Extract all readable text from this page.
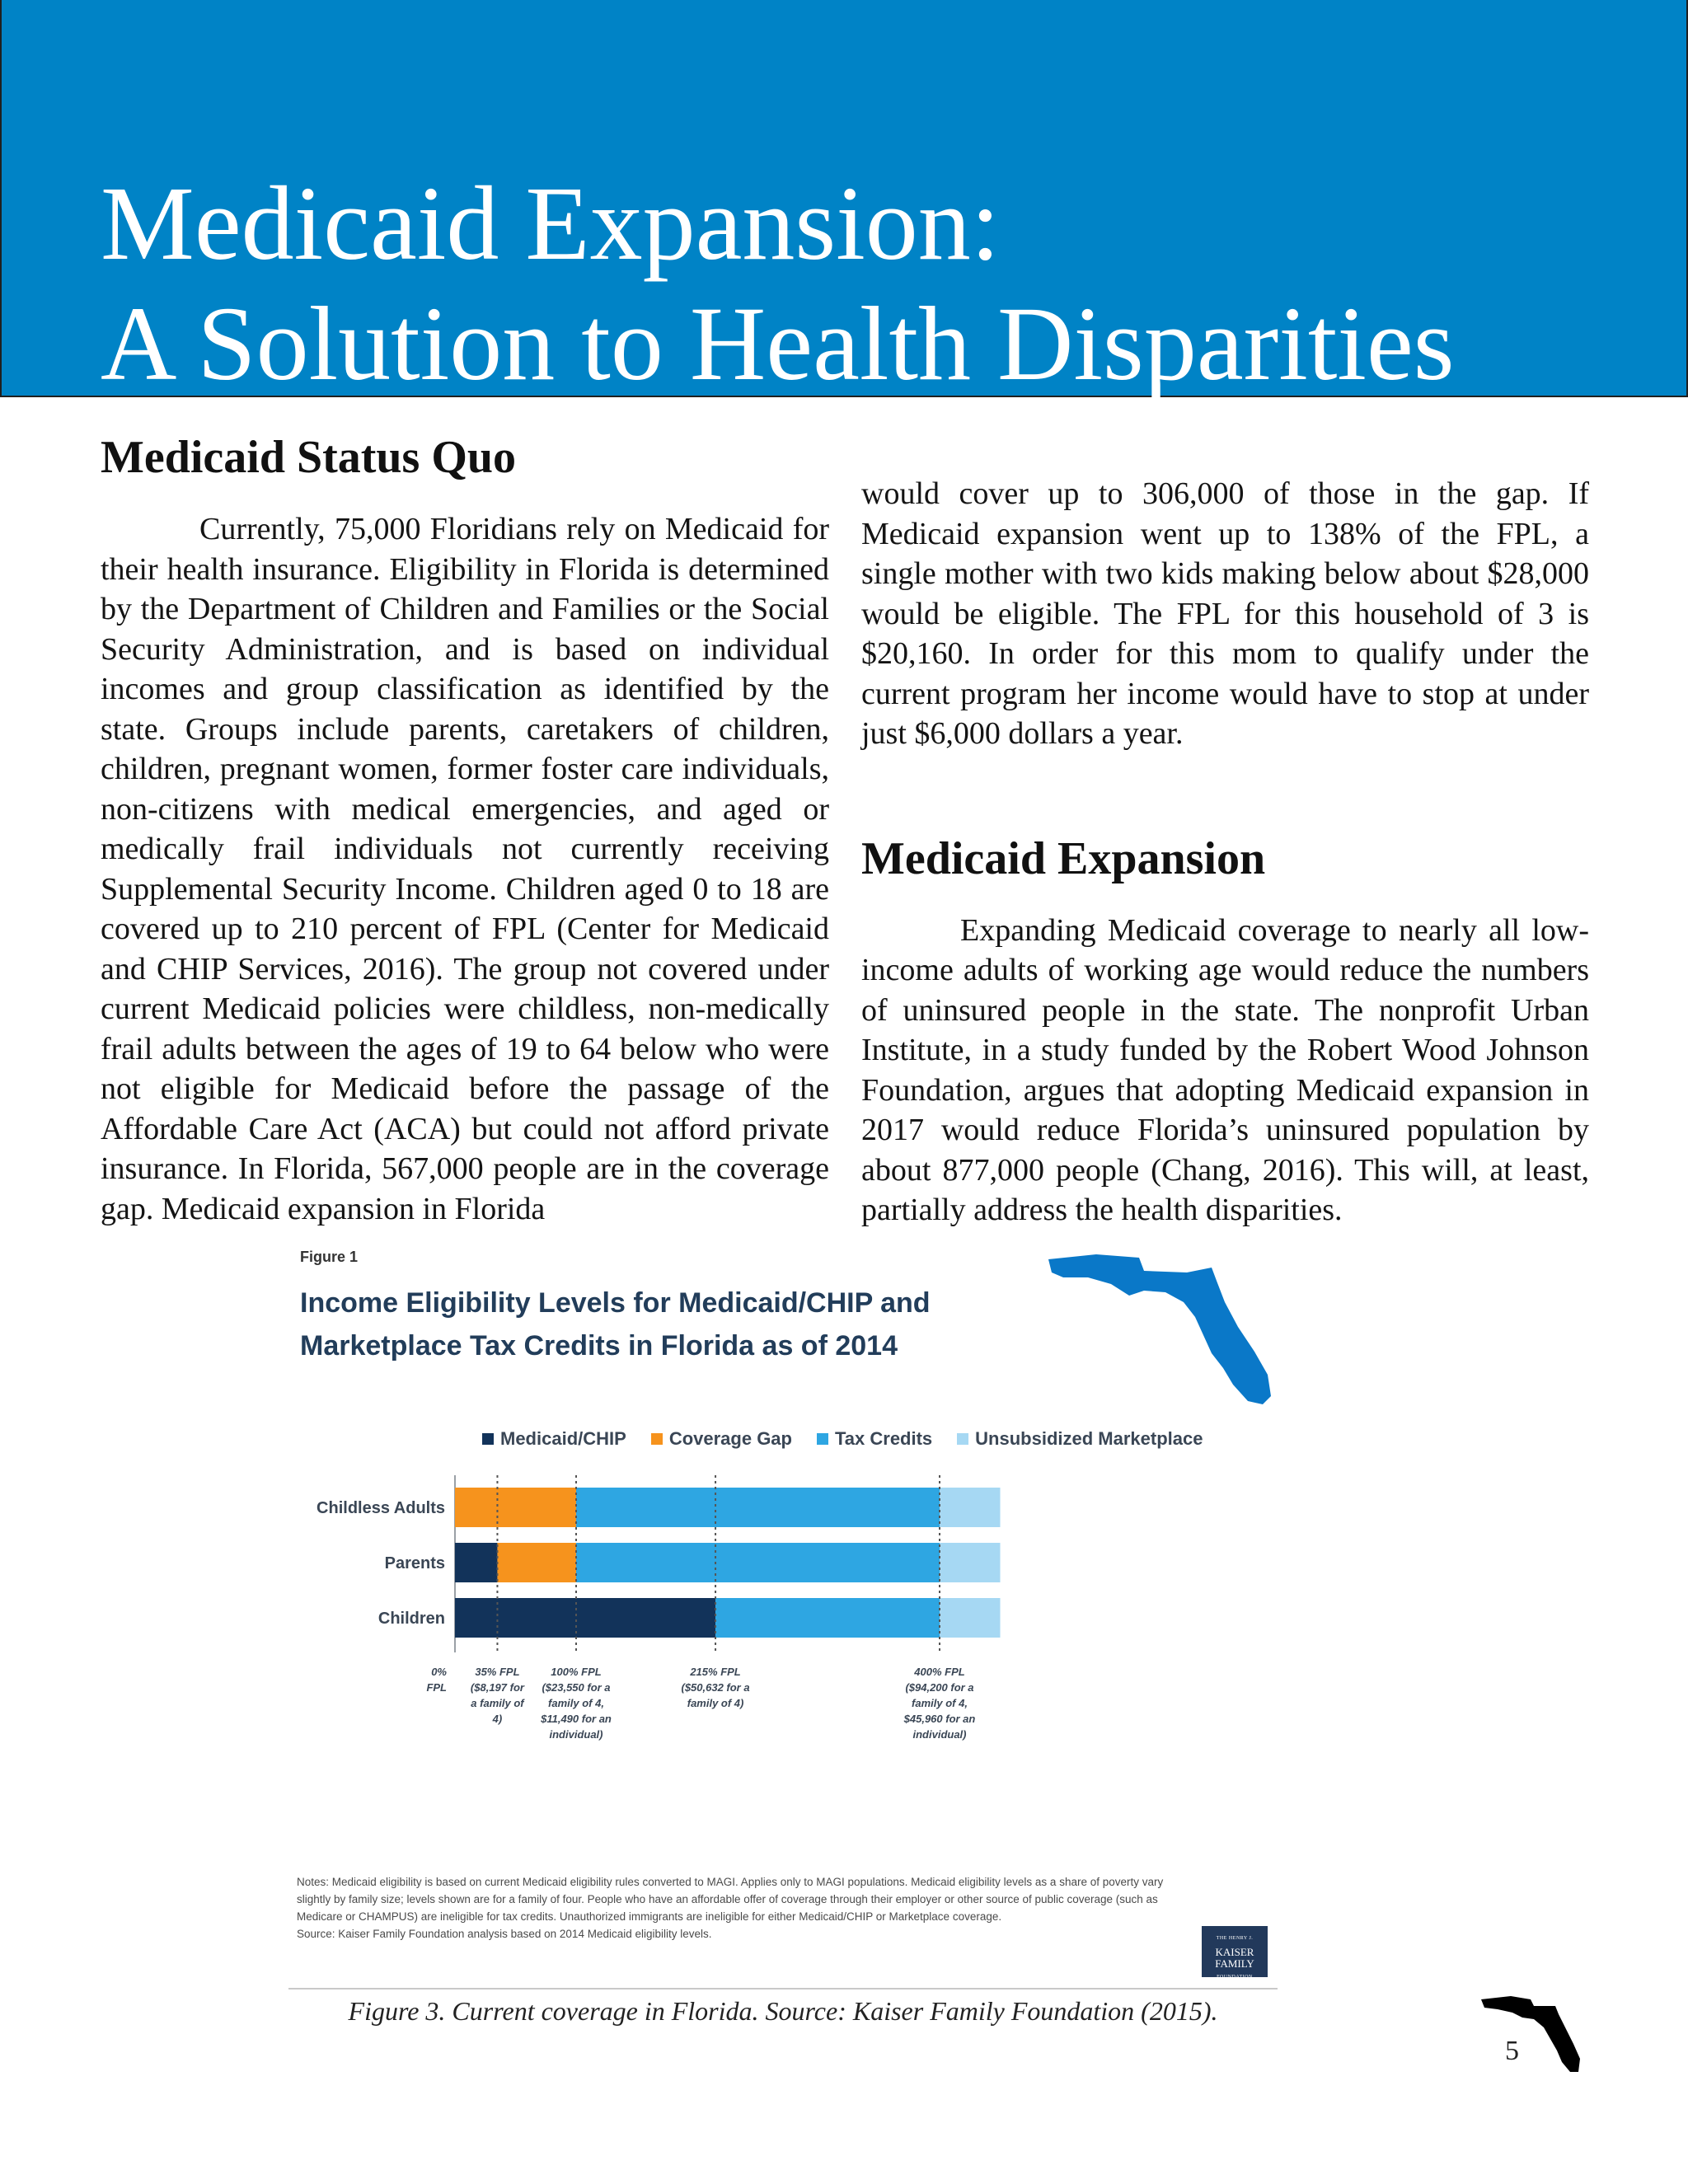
Medicaid Expansion:
A Solution to Health Disparities
Medicaid Status Quo

Currently, 75,000 Floridians rely on Medicaid for their health insurance. Eligibility in Florida is determined by the Department of Children and Families or the Social Security Administration, and is based on individual incomes and group classification as identified by the state. Groups include parents, caretakers of children, children, pregnant women, former foster care individuals, non-citizens with medical emergencies, and aged or medically frail individuals not currently receiving Supplemental Security Income. Children aged 0 to 18 are covered up to 210 percent of FPL (Center for Medicaid and CHIP Services, 2016). The group not covered under current Medicaid policies were childless, non-medically frail adults between the ages of 19 to 64 below who were not eligible for Medicaid before the passage of the Affordable Care Act (ACA) but could not afford private insurance. In Florida, 567,000 people are in the coverage gap. Medicaid expansion in Florida

would cover up to 306,000 of those in the gap. If Medicaid expansion went up to 138% of the FPL, a single mother with two kids making below about $28,000 would be eligible. The FPL for this household of 3 is $20,160. In order for this mom to qualify under the current program her income would have to stop at under just $6,000 dollars a year.

Medicaid Expansion

Expanding Medicaid coverage to nearly all low-income adults of working age would reduce the numbers of uninsured people in the state. The nonprofit Urban Institute, in a study funded by the Robert Wood Johnson Foundation, argues that adopting Medicaid expansion in 2017 would reduce Florida’s uninsured population by about 877,000 people (Chang, 2016). This will, at least, partially address the health disparities.

Figure 1
Income Eligibility Levels for Medicaid/CHIP and
Marketplace Tax Credits in Florida as of 2014
Medicaid/CHIP Coverage Gap Tax Credits Unsubsidized Marketplace
Childless Adults
Parents
Children
0% FPL
35% FPL ($8,197 for a family of 4)
100% FPL ($23,550 for a family of 4, $11,490 for an individual)
215% FPL ($50,632 for a family of 4)
400% FPL ($94,200 for a family of 4, $45,960 for an individual)

Notes: Medicaid eligibility is based on current Medicaid eligibility rules converted to MAGI. Applies only to MAGI populations. Medicaid eligibility levels as a share of poverty vary slightly by family size; levels shown are for a family of four. People who have an affordable offer of coverage through their employer or other source of public coverage (such as Medicare or CHAMPUS) are ineligible for tax credits. Unauthorized immigrants are ineligible for either Medicaid/CHIP or Marketplace coverage.
Source: Kaiser Family Foundation analysis based on 2014 Medicaid eligibility levels.	THE HENRY J.
KAISER
FAMILY

FOUNDATION
Figure 3. Current coverage in Florida. Source: Kaiser Family Foundation (2015).
5
